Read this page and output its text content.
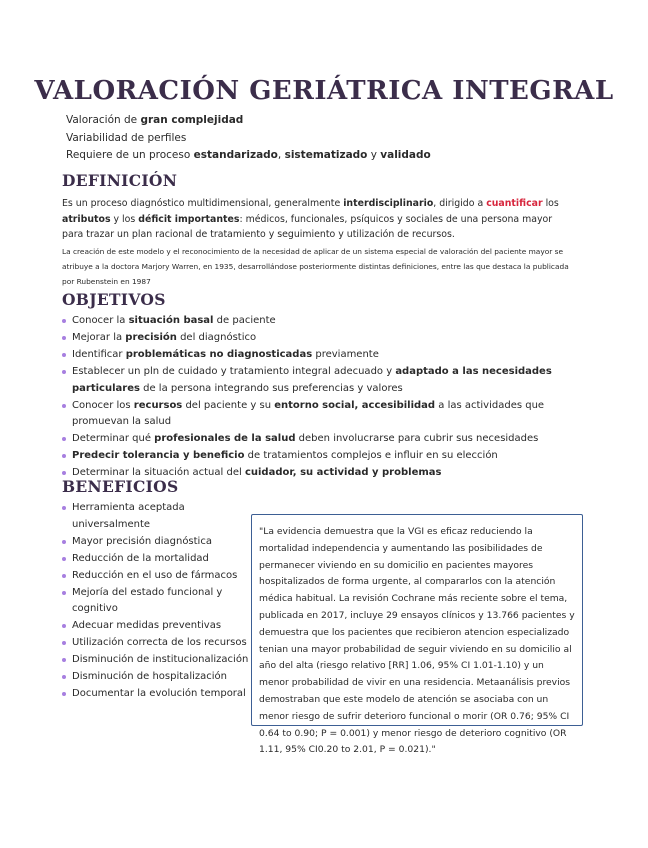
VALORACIÓN GERIÁTRICA INTEGRAL
Valoración de gran complejidad
Variabilidad de perfiles
Requiere de un proceso estandarizado, sistematizado y validado
DEFINICIÓN
Es un proceso diagnóstico multidimensional, generalmente interdisciplinario, dirigido a cuantificar los atributos y los déficit importantes: médicos, funcionales, psíquicos y sociales de una persona mayor para trazar un plan racional de tratamiento y seguimiento y utilización de recursos.
La creación de este modelo y el reconocimiento de la necesidad de aplicar de un sistema especial de valoración del paciente mayor se atribuye a la doctora Marjory Warren, en 1935, desarrollándose posteriormente distintas definiciones, entre las que destaca la publicada por Rubenstein en 1987
OBJETIVOS
Conocer la situación basal de paciente
Mejorar la precisión del diagnóstico
Identificar problemáticas no diagnosticadas previamente
Establecer un pln de cuidado y tratamiento integral adecuado y adaptado a las necesidades particulares de la persona integrando sus preferencias y valores
Conocer los recursos del paciente y su entorno social, accesibilidad a las actividades que promuevan la salud
Determinar qué profesionales de la salud deben involucrarse para cubrir sus necesidades
Predecir tolerancia y beneficio de tratamientos complejos e influir en su elección
Determinar la situación actual del cuidador, su actividad y problemas
BENEFICIOS
Herramienta aceptada universalmente
Mayor precisión diagnóstica
Reducción de la mortalidad
Reducción en el uso de fármacos
Mejoría del estado funcional y cognitivo
Adecuar medidas preventivas
Utilización correcta de los recursos
Disminución de institucionalización
Disminución de hospitalización
Documentar la evolución temporal
"La evidencia demuestra que la VGI es eficaz reduciendo la mortalidad independencia y aumentando las posibilidades de permanecer viviendo en su domicilio en pacientes mayores hospitalizados de forma urgente, al compararlos con la atención médica habitual. La revisión Cochrane más reciente sobre el tema, publicada en 2017, incluye 29 ensayos clínicos y 13.766 pacientes y demuestra que los pacientes que recibieron atencion especializado tenian una mayor probabilidad de seguir viviendo en su domicilio al año del alta (riesgo relativo [RR] 1.06, 95% CI 1.01-1.10) y un menor probabilidad de vivir en una residencia. Metaanálisis previos demostraban que este modelo de atención se asociaba con un menor riesgo de sufrir deterioro funcional o morir (OR 0.76; 95% CI 0.64 to 0.90; P = 0.001) y menor riesgo de deterioro cognitivo (OR 1.11, 95% CI0.20 to 2.01, P = 0.021)."
